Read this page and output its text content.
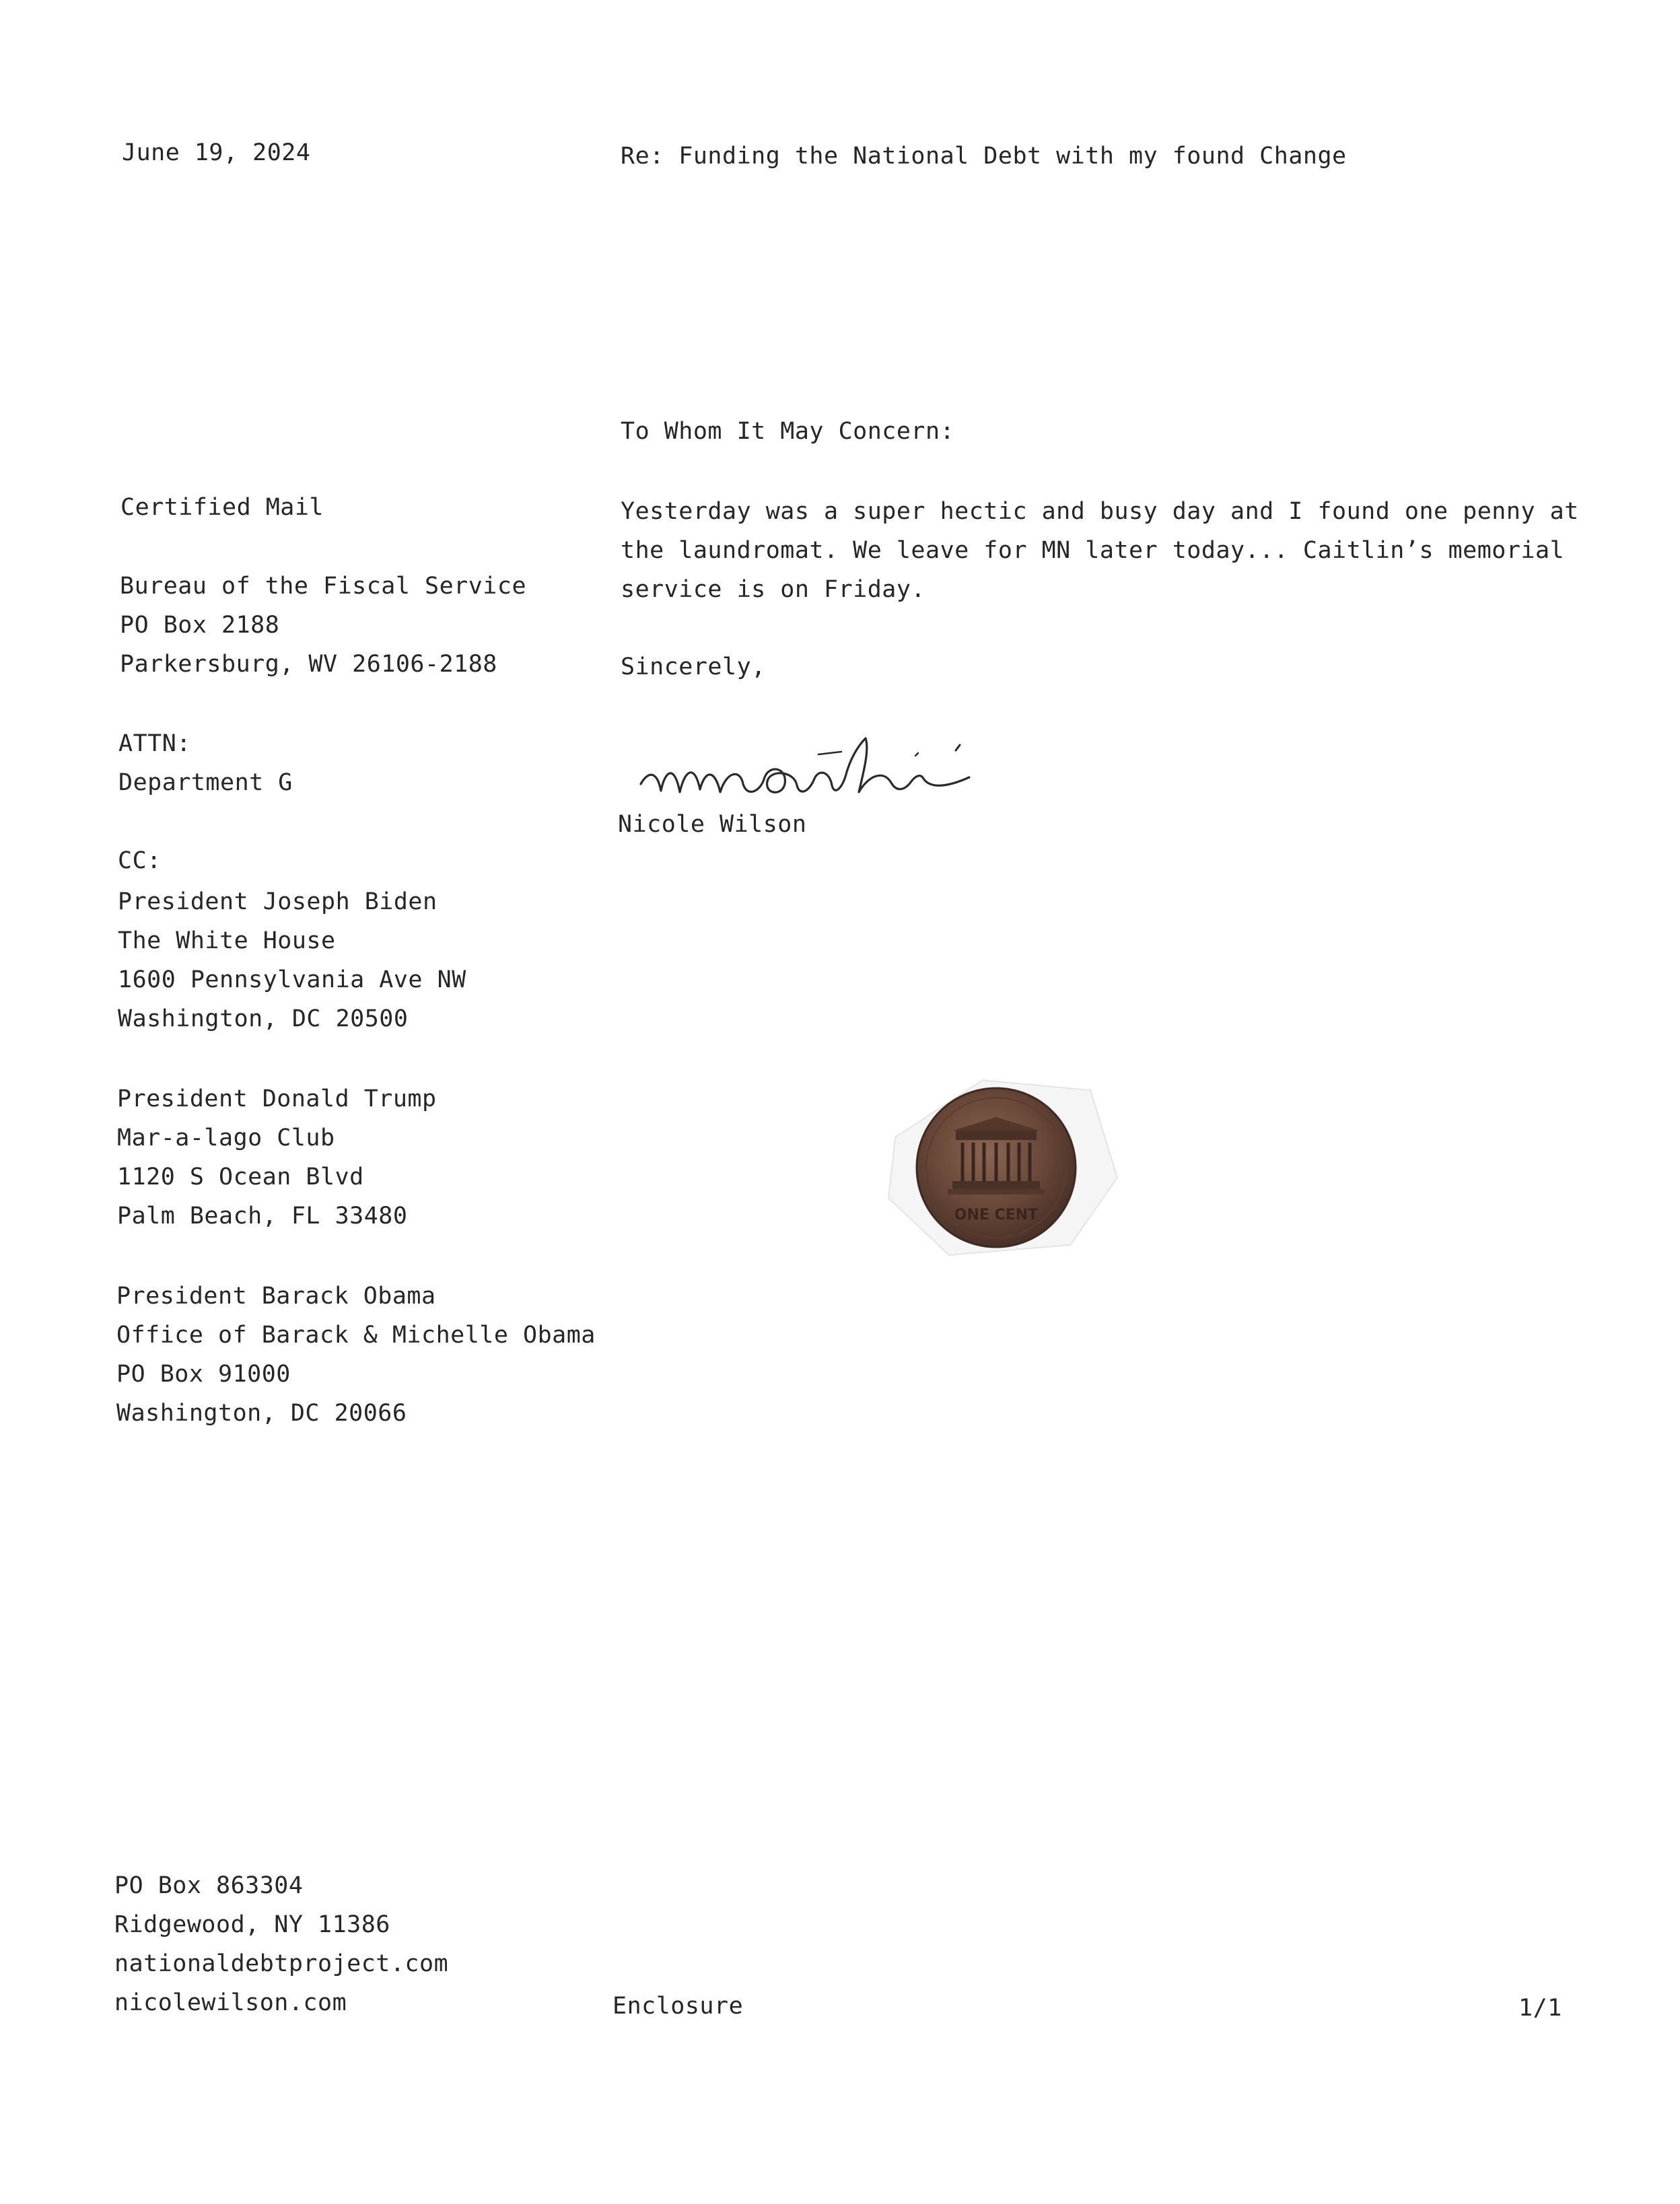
June 19, 2024	Re: Funding the National Debt with my found Change
To Whom It May Concern:
Yesterday was a super hectic and busy day and I found one penny at
the laundromat. We leave for MN later today... Caitlin’s memorial
service is on Friday.
Sincerely,
Nicole Wilson
Certified Mail
Bureau of the Fiscal Service
PO Box 2188
Parkersburg, WV 26106-2188
ATTN:
Department G
CC:
President Joseph Biden
The White House
1600 Pennsylvania Ave NW
Washington, DC 20500
President Donald Trump
Mar-a-lago Club
1120 S Ocean Blvd
Palm Beach, FL 33480
President Barack Obama
Office of Barack & Michelle Obama
PO Box 91000
Washington, DC 20066
ONE CENT
PO Box 863304
Ridgewood, NY 11386
nationaldebtproject.com
nicolewilson.com	Enclosure	1/1
